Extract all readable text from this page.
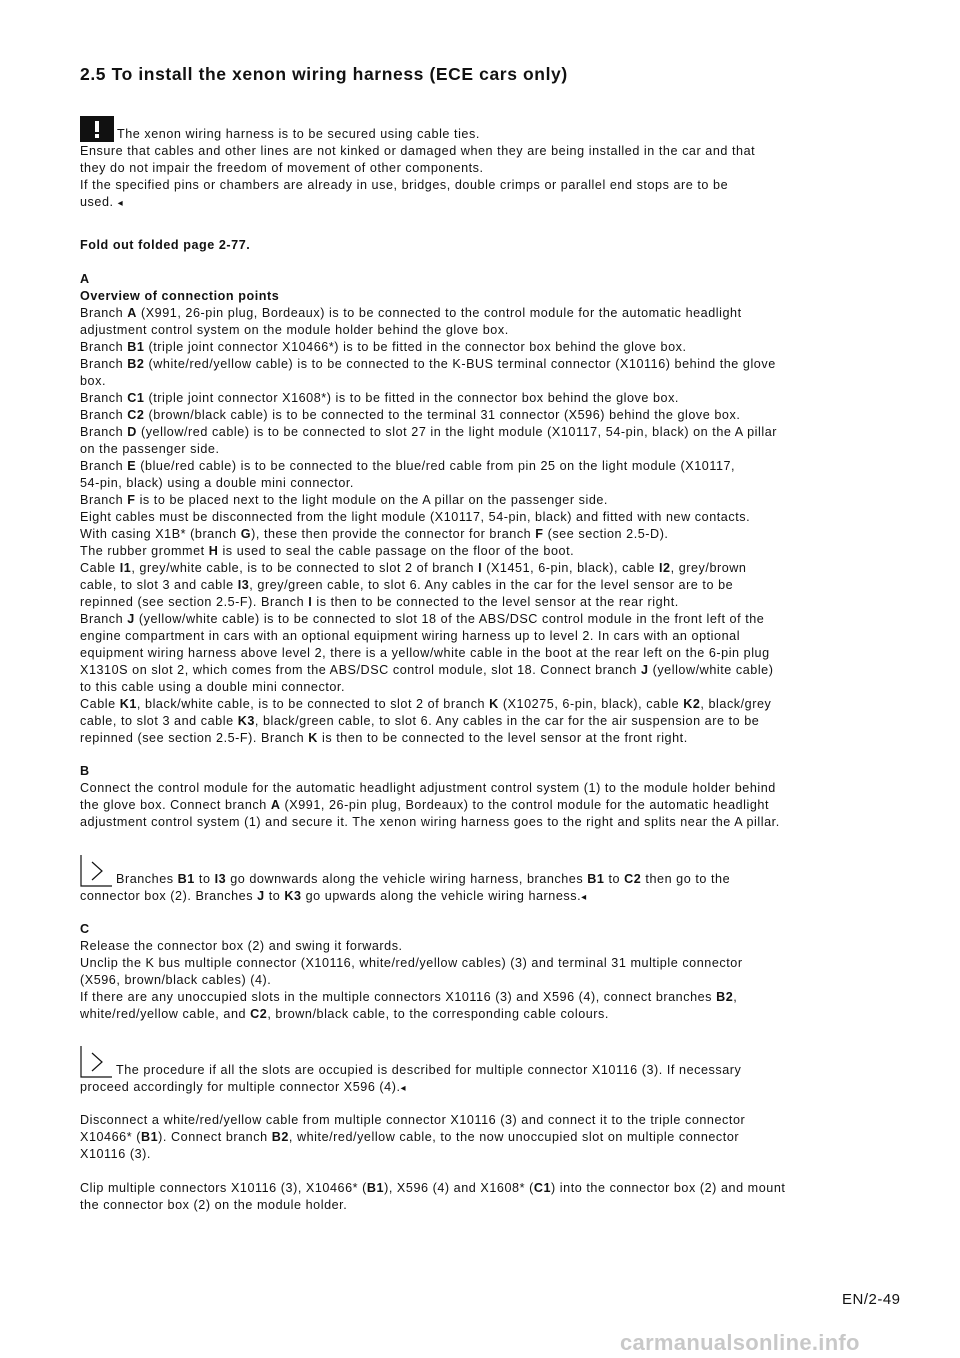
2.5 To install the xenon wiring harness (ECE cars only)

The xenon wiring harness is to be secured using cable ties.

Ensure that cables and other lines are not kinked or damaged when they are being installed in the car and that

they do not impair the freedom of movement of other components.

If the specified pins or chambers are already in use, bridges, double crimps or parallel end stops are to be

used. ◂

Fold out folded page 2-77.

A

Overview of connection points

Branch A (X991, 26-pin plug, Bordeaux) is to be connected to the control module for the automatic headlight

adjustment control system on the module holder behind the glove box.

Branch B1 (triple joint connector X10466*) is to be fitted in the connector box behind the glove box.

Branch B2 (white/red/yellow cable) is to be connected to the K-BUS terminal connector (X10116) behind the glove

box.

Branch C1 (triple joint connector X1608*) is to be fitted in the connector box behind the glove box.

Branch C2 (brown/black cable) is to be connected to the terminal 31 connector (X596) behind the glove box.

Branch D (yellow/red cable) is to be connected to slot 27 in the light module (X10117, 54-pin, black) on the A pillar

on the passenger side.

Branch E (blue/red cable) is to be connected to the blue/red cable from pin 25 on the light module (X10117,

54-pin, black) using a double mini connector.

Branch F is to be placed next to the light module on the A pillar on the passenger side.

Eight cables must be disconnected from the light module (X10117, 54-pin, black) and fitted with new contacts.

With casing X1B* (branch G), these then provide the connector for branch F (see section 2.5-D).

The rubber grommet H is used to seal the cable passage on the floor of the boot.

Cable I1, grey/white cable, is to be connected to slot 2 of branch I (X1451, 6-pin, black), cable I2, grey/brown

cable, to slot 3 and cable I3, grey/green cable, to slot 6. Any cables in the car for the level sensor are to be

repinned (see section 2.5-F). Branch I is then to be connected to the level sensor at the rear right.

Branch J (yellow/white cable) is to be connected to slot 18 of the ABS/DSC control module in the front left of the

engine compartment in cars with an optional equipment wiring harness up to level 2. In cars with an optional

equipment wiring harness above level 2, there is a yellow/white cable in the boot at the rear left on the 6-pin plug

X1310S on slot 2, which comes from the ABS/DSC control module, slot 18. Connect branch J (yellow/white cable)

to this cable using a double mini connector.

Cable K1, black/white cable, is to be connected to slot 2 of branch K (X10275, 6-pin, black), cable K2, black/grey

cable, to slot 3 and cable K3, black/green cable, to slot 6. Any cables in the car for the air suspension are to be

repinned (see section 2.5-F). Branch K is then to be connected to the level sensor at the front right.

B

Connect the control module for the automatic headlight adjustment control system (1) to the module holder behind

the glove box. Connect branch A (X991, 26-pin plug, Bordeaux) to the control module for the automatic headlight

adjustment control system (1) and secure it. The xenon wiring harness goes to the right and splits near the A pillar.

Branches B1 to I3 go downwards along the vehicle wiring harness, branches B1 to C2 then go to the

connector box (2). Branches J to K3 go upwards along the vehicle wiring harness.◂

C

Release the connector box (2) and swing it forwards.

Unclip the K bus multiple connector (X10116, white/red/yellow cables) (3) and terminal 31 multiple connector

(X596, brown/black cables) (4).

If there are any unoccupied slots in the multiple connectors X10116 (3) and X596 (4), connect branches B2,

white/red/yellow cable, and C2, brown/black cable, to the corresponding cable colours.

The procedure if all the slots are occupied is described for multiple connector X10116 (3). If necessary

proceed accordingly for multiple connector X596 (4).◂

Disconnect a white/red/yellow cable from multiple connector X10116 (3) and connect it to the triple connector

X10466* (B1). Connect branch B2, white/red/yellow cable, to the now unoccupied slot on multiple connector

X10116 (3).

Clip multiple connectors X10116 (3), X10466* (B1), X596 (4) and X1608* (C1) into the connector box (2) and mount

the connector box (2) on the module holder.

EN/2-49
carmanualsonline.info
